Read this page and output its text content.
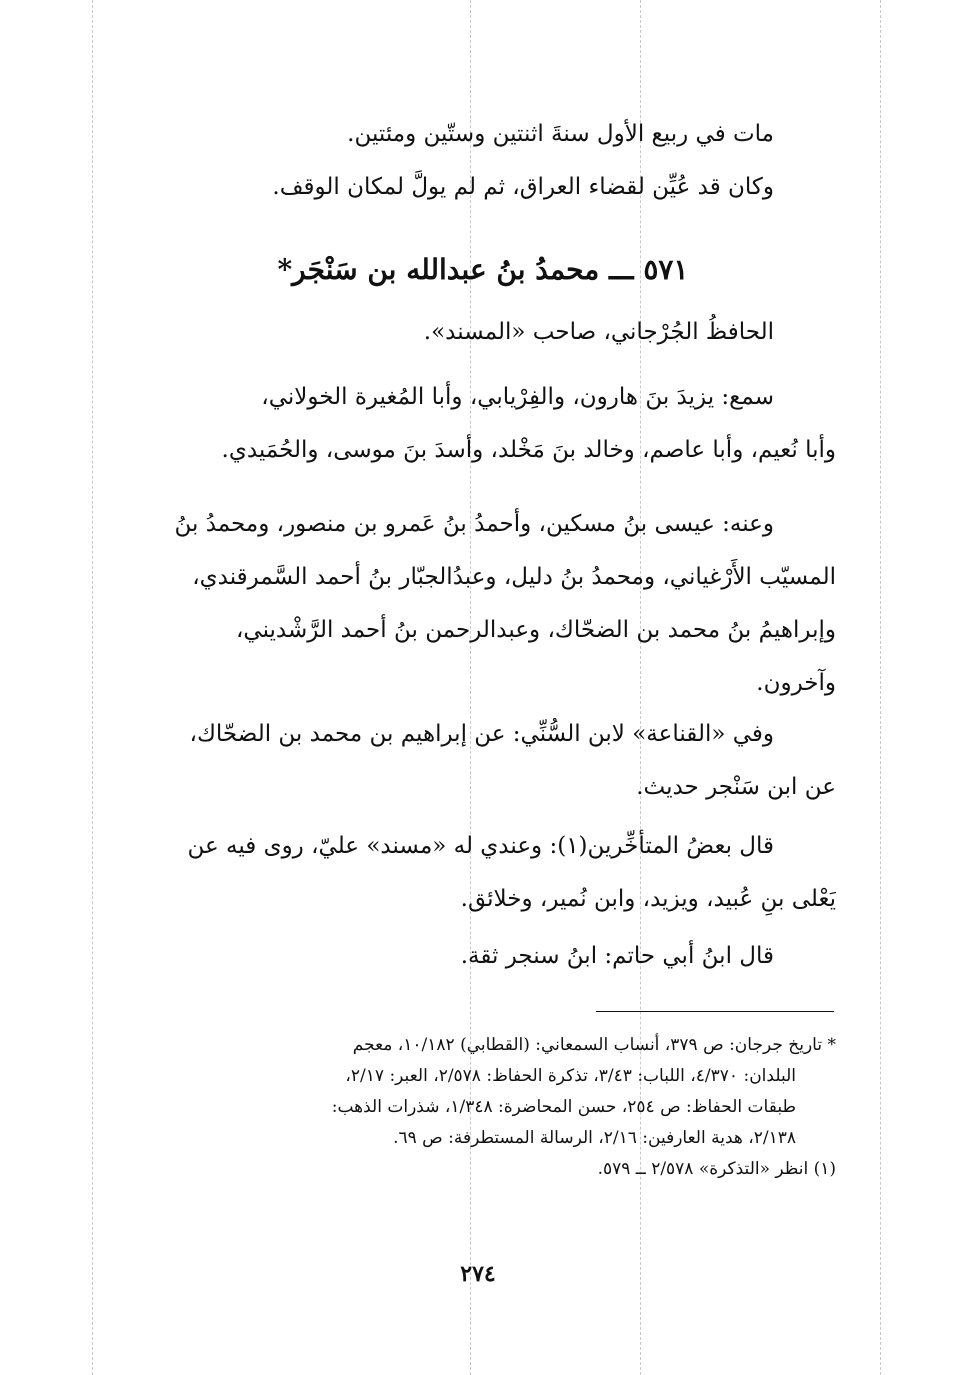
مات في ربيع الأول سنةَ اثنتين وستّين ومئتين.
وكان قد عُيِّن لقضاء العراق، ثم لم يولَّ لمكان الوقف.
٥٧١ ـــ محمدُ بنُ عبدالله بن سَنْجَر*
الحافظُ الجُرْجاني، صاحب «المسند».
سمع: يزيدَ بنَ هارون، والفِرْيابي، وأبا المُغيرة الخولاني،
وأبا نُعيم، وأبا عاصم، وخالد بنَ مَخْلد، وأسدَ بنَ موسى، والحُمَيدي.
وعنه: عيسى بنُ مسكين، وأحمدُ بنُ عَمرو بن منصور، ومحمدُ بنُ
المسيّب الأَرْغياني، ومحمدُ بنُ دليل، وعبدُالجبّار بنُ أحمد السَّمرقندي،
وإبراهيمُ بنُ محمد بن الضحّاك، وعبدالرحمن بنُ أحمد الرَّشْديني،
وآخرون.
وفي «القناعة» لابن السُّنِّي: عن إبراهيم بن محمد بن الضحّاك،
عن ابن سَنْجر حديث.
قال بعضُ المتأخِّرين(١): وعندي له «مسند» عليّ، روى فيه عن
يَعْلى بنِ عُبيد، ويزيد، وابن نُمير، وخلائق.
قال ابنُ أبي حاتم: ابنُ سنجر ثقة.
* تاريخ جرجان: ص ٣٧٩، أنساب السمعاني: (القطابي) ١٠/١٨٢، معجم
البلدان: ٤/٣٧٠، اللباب: ٣/٤٣، تذكرة الحفاظ: ٢/٥٧٨، العبر: ٢/١٧،
طبقات الحفاظ: ص ٢٥٤، حسن المحاضرة: ١/٣٤٨، شذرات الذهب:
٢/١٣٨، هدية العارفين: ٢/١٦، الرسالة المستطرفة: ص ٦٩.
(١) انظر «التذكرة» ٢/٥٧٨ ــ ٥٧٩.
٢٧٤
